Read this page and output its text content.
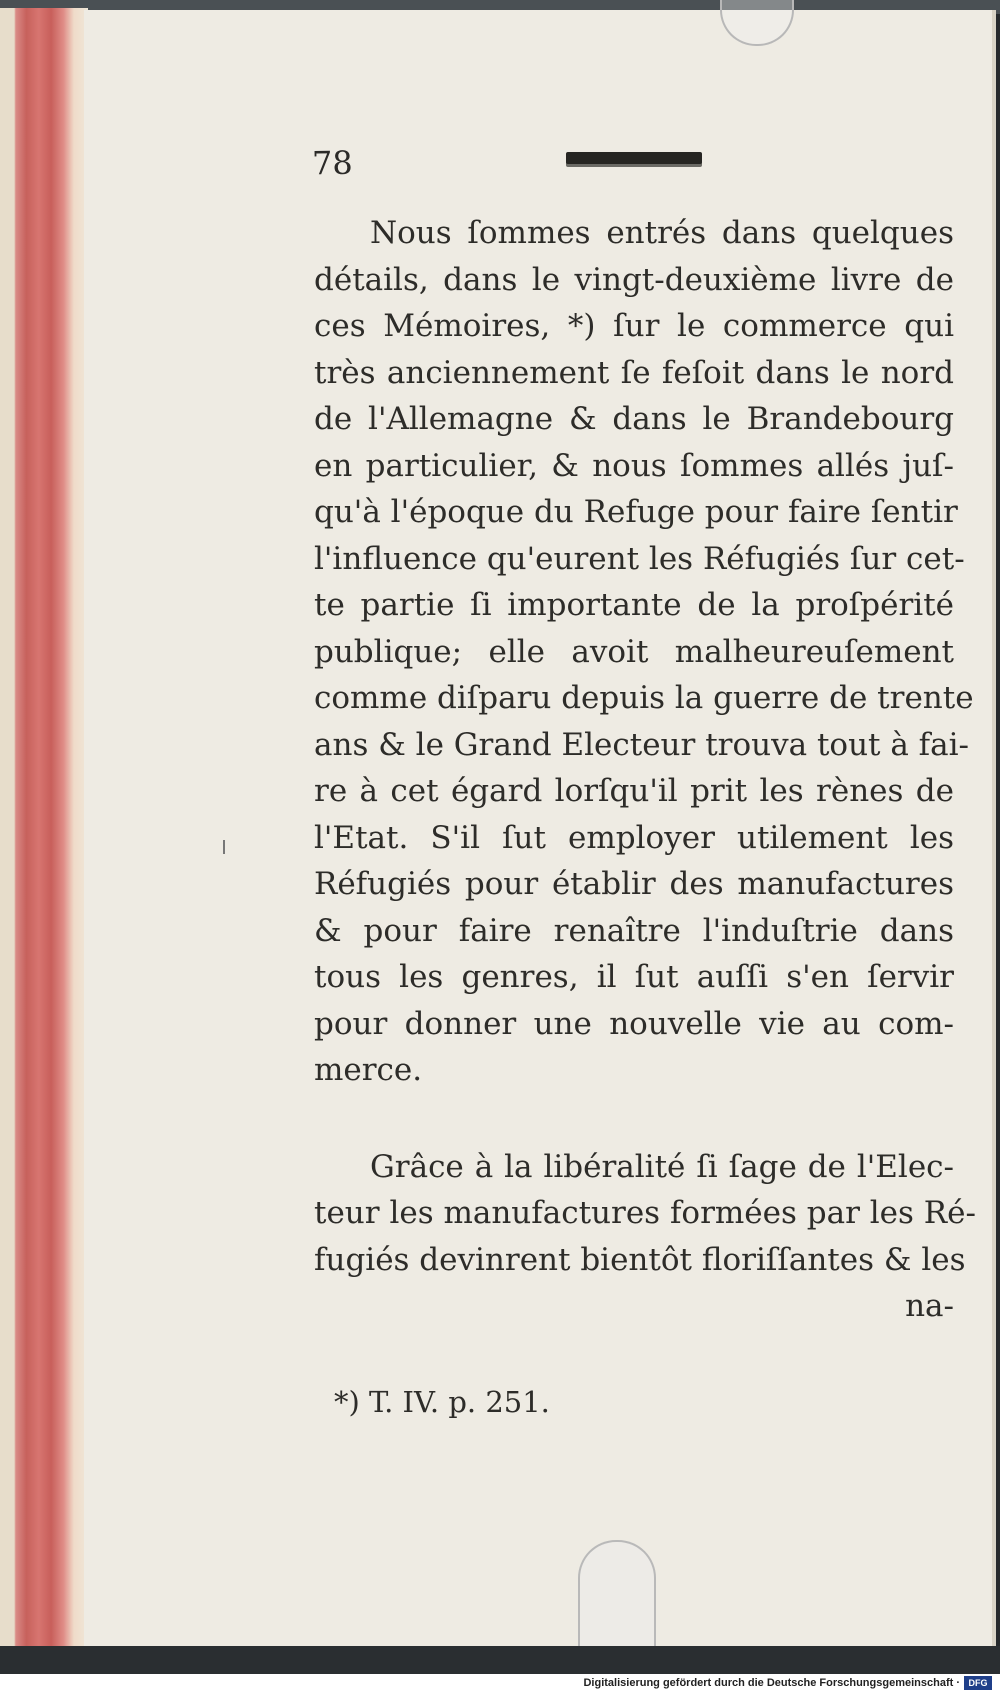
78
Nous ſommes entrés dans quelques
détails, dans le vingt-deuxième livre de
ces Mémoires, *) ſur le commerce qui
très anciennement ſe feſoit dans le nord
de l'Allemagne & dans le Brandebourg
en particulier, & nous ſommes allés juſ-
qu'à l'époque du Refuge pour faire ſentir
l'influence qu'eurent les Réfugiés ſur cet-
te partie ſi importante de la proſpérité
publique; elle avoit malheureuſement
comme diſparu depuis la guerre de trente
ans & le Grand Electeur trouva tout à fai-
re à cet égard lorſqu'il prit les rènes de
l'Etat. S'il ſut employer utilement les
Réfugiés pour établir des manufactures
& pour faire renaître l'induſtrie dans
tous les genres, il ſut auſſi s'en ſervir
pour donner une nouvelle vie au com-
merce.
Grâce à la libéralité ſi ſage de l'Elec-
teur les manufactures formées par les Ré-
fugiés devinrent bientôt floriſſantes & les
na-
*) T. IV. p. 251.
Digitalisierung gefördert durch die Deutsche Forschungsgemeinschaft · DFG
